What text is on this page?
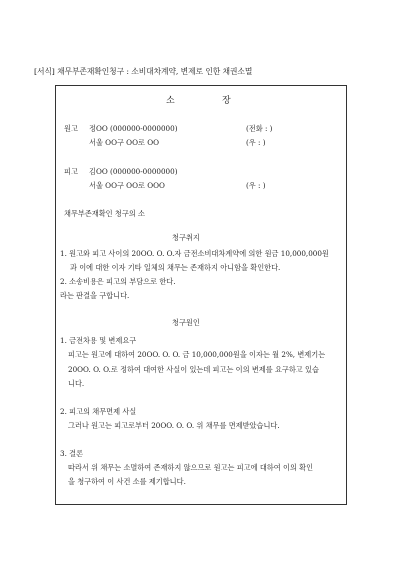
[서식] 채무부존재확인청구 : 소비대차계약, 변제로 인한 채권소멸
소	장
원고 정OO (000000-0000000)	(전화 : )
서울 OO구 OO로 OO	(우 : )
피고 김OO (000000-0000000)
서울 OO구 OO로 OOO	(우 : )
채무부존재확인 청구의 소
청구취지
1. 원고와 피고 사이의 20OO. O. O.자 금전소비대차계약에 의한 원금 10,000,000원
과 이에 대한 이자 기타 일체의 채무는 존재하지 아니함을 확인한다.
2. 소송비용은 피고의 부담으로 한다.
라는 판결을 구합니다.
청구원인
1. 금전차용 및 변제요구
피고는 원고에 대하여 20OO. O. O. 금 10,000,000원을 이자는 월 2%, 변제기는
20OO. O. O.로 정하여 대여한 사실이 있는데 피고는 이의 변제를 요구하고 있습
니다.
2. 피고의 채무면제 사실
그러나 원고는 피고로부터 20OO. O. O. 위 채무를 면제받았습니다.
3. 결론
따라서 위 채무는 소멸하여 존재하지 않으므로 원고는 피고에 대하여 이의 확인
을 청구하여 이 사건 소를 제기합니다.
